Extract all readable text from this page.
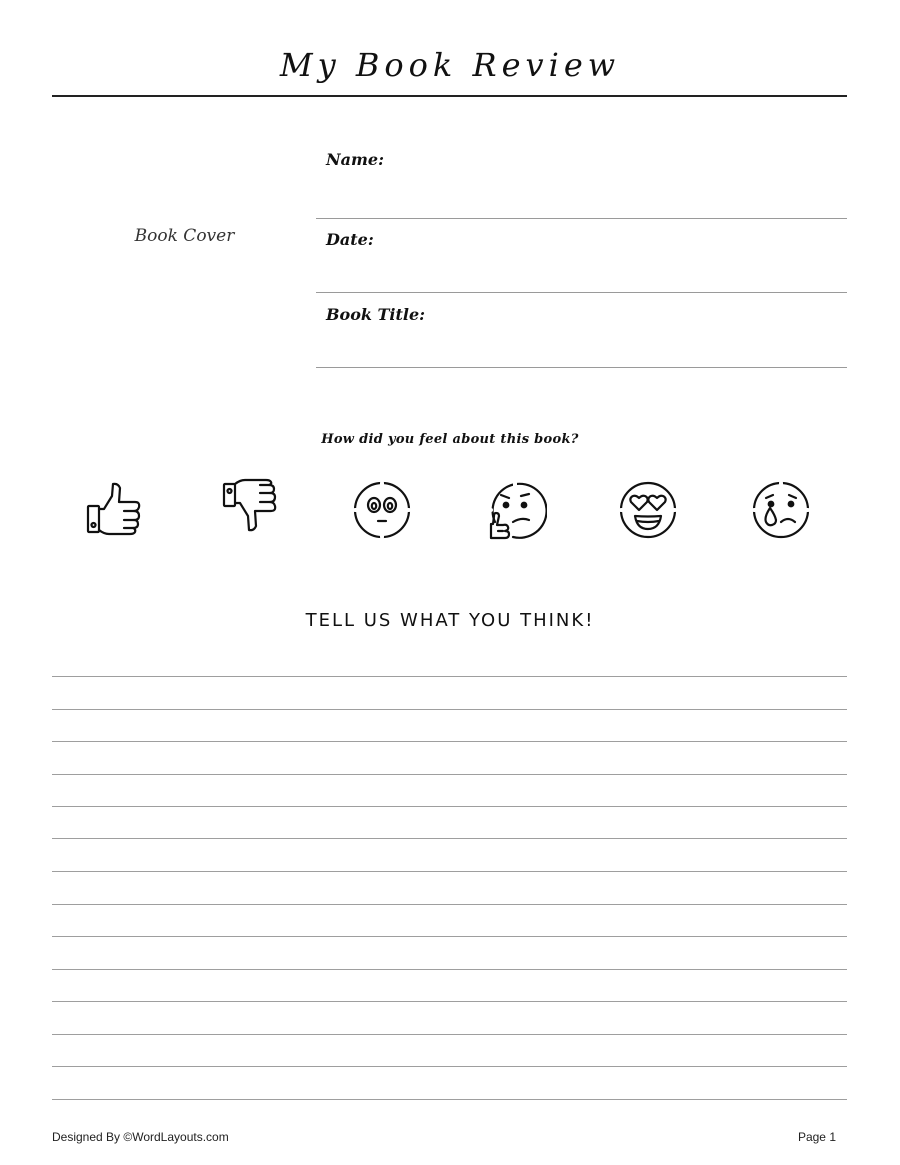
My Book Review
Book Cover
Name:
Date:
Book Title:
How did you feel about this book?
TELL US WHAT YOU THINK!
Designed By ©WordLayouts.com	Page 1
